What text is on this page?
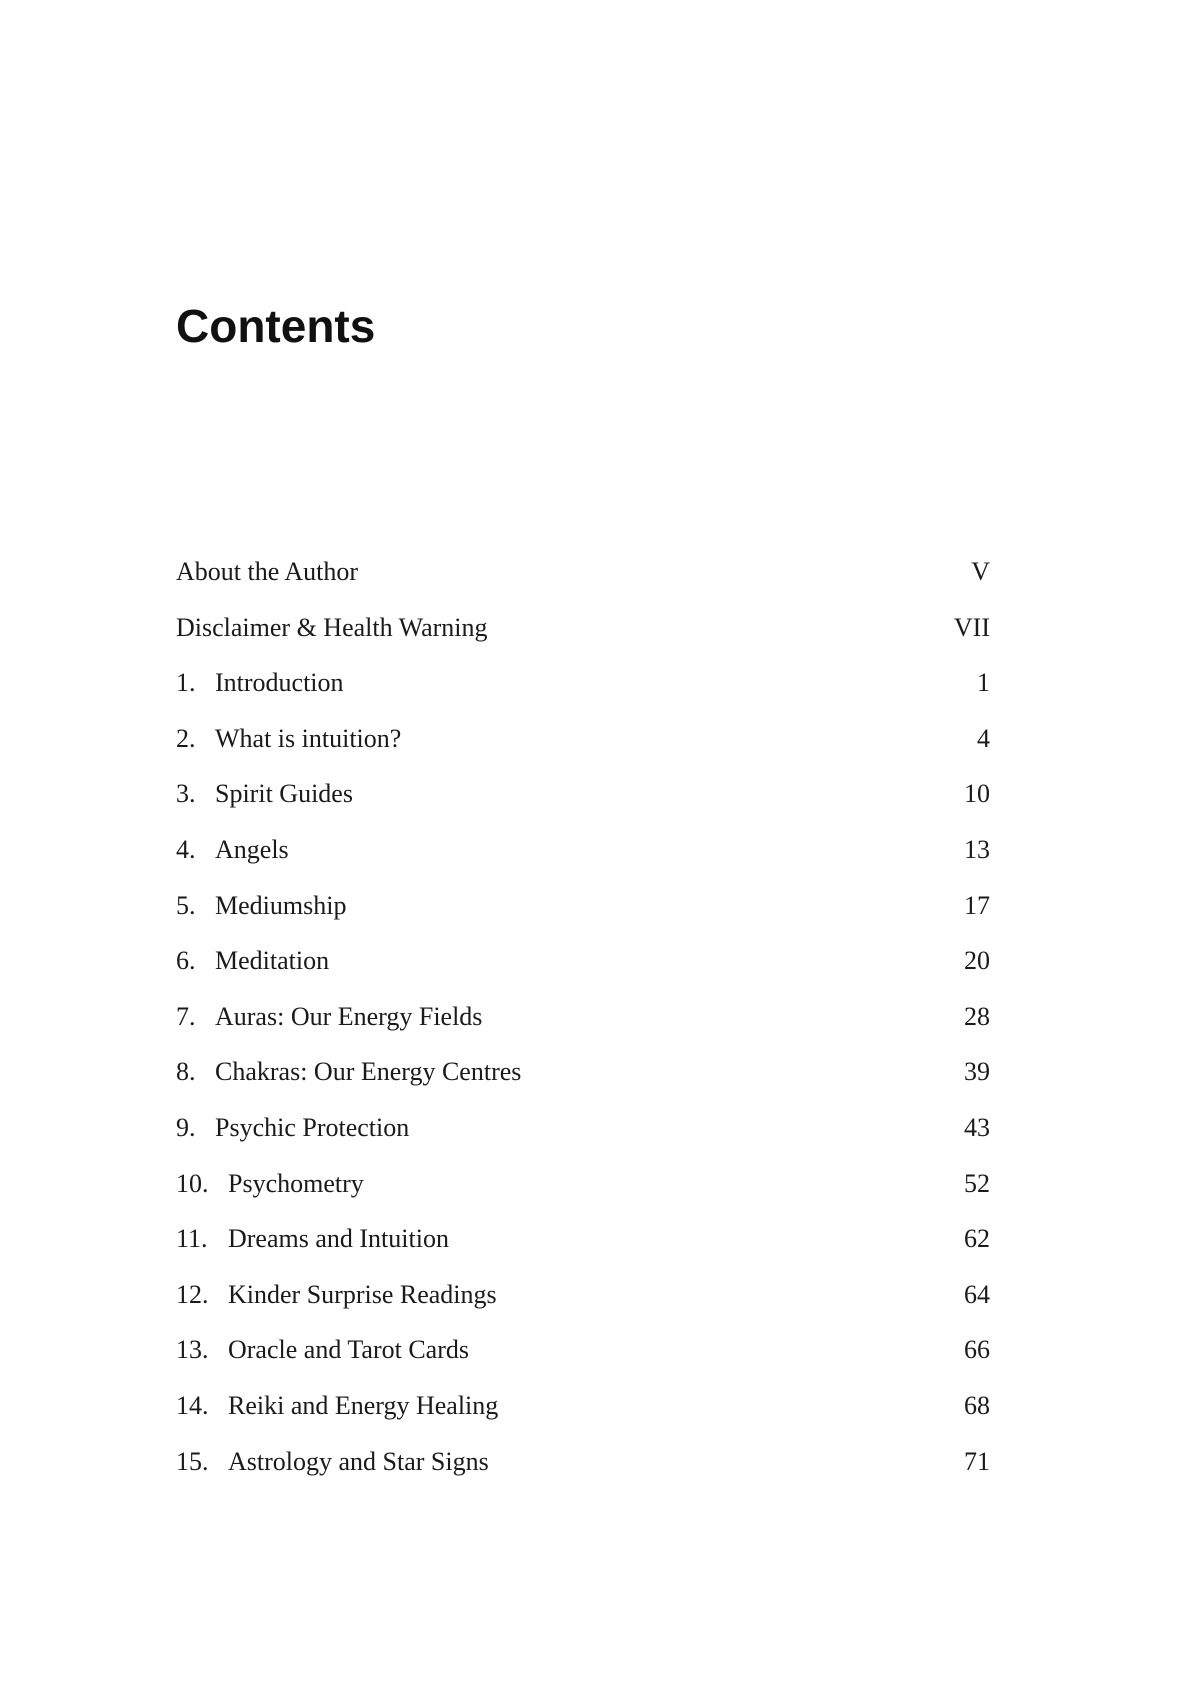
Contents
About the Author	V
Disclaimer & Health Warning	VII
1. Introduction	1
2. What is intuition?	4
3. Spirit Guides	10
4. Angels	13
5. Mediumship	17
6. Meditation	20
7. Auras: Our Energy Fields	28
8. Chakras: Our Energy Centres	39
9. Psychic Protection	43
10. Psychometry	52
11. Dreams and Intuition	62
12. Kinder Surprise Readings	64
13. Oracle and Tarot Cards	66
14. Reiki and Energy Healing	68
15. Astrology and Star Signs	71
